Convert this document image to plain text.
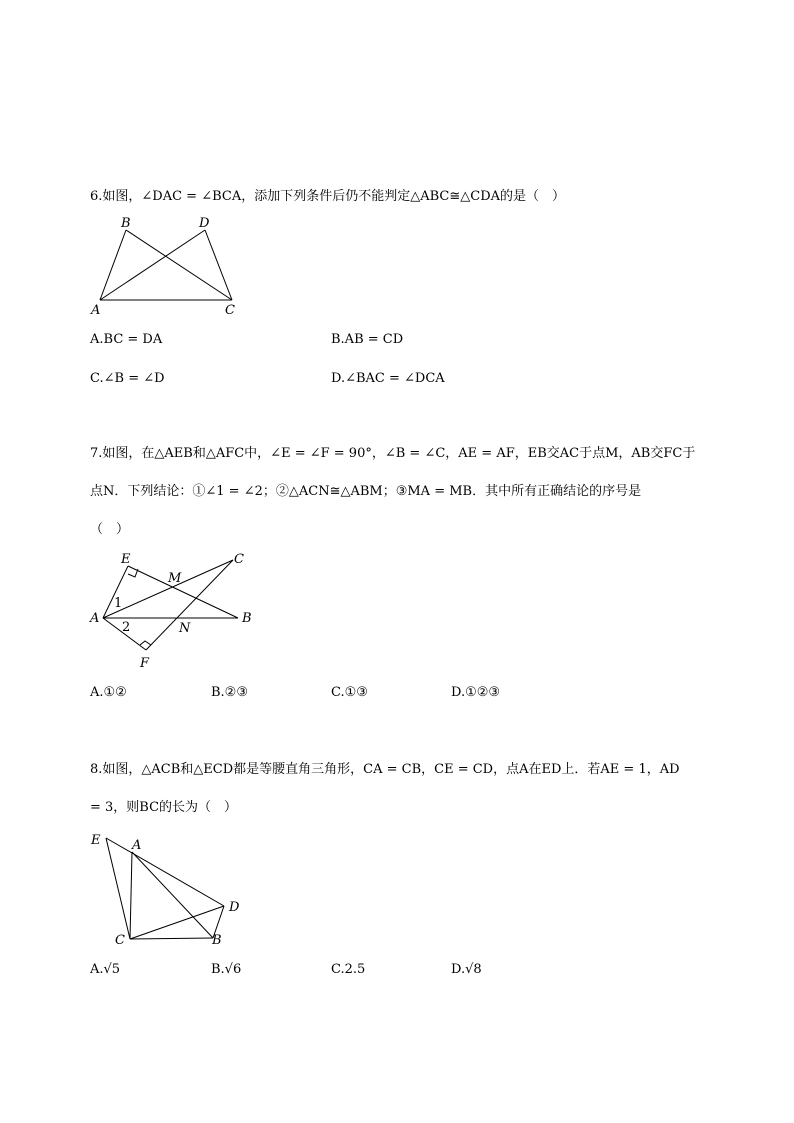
6.如图，∠DAC = ∠BCA，添加下列条件后仍不能判定△ABC≅△CDA的是（　）
B	D
A	C
A.BC = DA	B.AB = CD
C.∠B = ∠D	D.∠BAC = ∠DCA
7.如图，在△AEB和△AFC中，∠E = ∠F = 90°，∠B = ∠C，AE = AF，EB交AC于点M，AB交FC于
点N．下列结论：①∠1 = ∠2；②△ACN≅△ABM；③MA = MB．其中所有正确结论的序号是
（　）
E	C
M
1
A	B
2	N
F
A.①②	B.②③	C.①③	D.①②③
8.如图，△ACB和△ECD都是等腰直角三角形，CA = CB，CE = CD，点A在ED上．若AE = 1，AD
= 3，则BC的长为（　）
E A
D
C	B
A.√5	B.√6	C.2.5	D.√8
